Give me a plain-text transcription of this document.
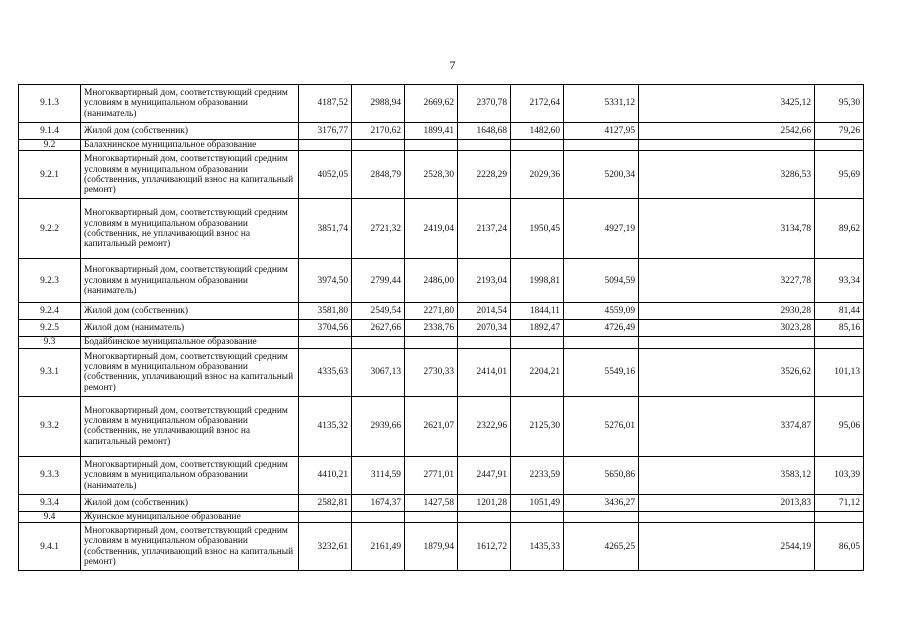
7
9.1.3	Многоквартирный дом, соответствующий средним условиям в муниципальном образовании (наниматель)	4187,52	2988,94	2669,62	2370,78	2172,64	5331,12	3425,12	95,30
9.1.4	Жилой дом (собственник)	3176,77	2170,62	1899,41	1648,68	1482,60	4127,95	2542,66	79,26
9.2	Балахнинское муниципальное образование								
9.2.1	Многоквартирный дом, соответствующий средним условиям в муниципальном образовании (собственник, уплачивающий взнос на капитальный ремонт)	4052,05	2848,79	2528,30	2228,29	2029,36	5200,34	3286,53	95,69
9.2.2	Многоквартирный дом, соответствующий средним условиям в муниципальном образовании (собственник, не уплачивающий взнос на капитальный ремонт)	3851,74	2721,32	2419,04	2137,24	1950,45	4927,19	3134,78	89,62
9.2.3	Многоквартирный дом, соответствующий средним условиям в муниципальном образовании (наниматель)	3974,50	2799,44	2486,00	2193,04	1998,81	5094,59	3227,78	93,34
9.2.4	Жилой дом (собственник)	3581,80	2549,54	2271,80	2014,54	1844,11	4559,09	2930,28	81,44
9.2.5	Жилой дом (наниматель)	3704,56	2627,66	2338,76	2070,34	1892,47	4726,49	3023,28	85,16
9.3	Бодайбинское муниципальное образование								
9.3.1	Многоквартирный дом, соответствующий средним условиям в муниципальном образовании (собственник, уплачивающий взнос на капитальный ремонт)	4335,63	3067,13	2730,33	2414,01	2204,21	5549,16	3526,62	101,13
9.3.2	Многоквартирный дом, соответствующий средним условиям в муниципальном образовании (собственник, не уплачивающий взнос на капитальный ремонт)	4135,32	2939,66	2621,07	2322,96	2125,30	5276,01	3374,87	95,06
9.3.3	Многоквартирный дом, соответствующий средним условиям в муниципальном образовании (наниматель)	4410,21	3114,59	2771,01	2447,91	2233,59	5650,86	3583,12	103,39
9.3.4	Жилой дом (собственник)	2582,81	1674,37	1427,58	1201,28	1051,49	3436,27	2013,83	71,12
9.4	Жуинское муниципальное образование								
9.4.1	Многоквартирный дом, соответствующий средним условиям в муниципальном образовании (собственник, уплачивающий взнос на капитальный ремонт)	3232,61	2161,49	1879,94	1612,72	1435,33	4265,25	2544,19	86,05
